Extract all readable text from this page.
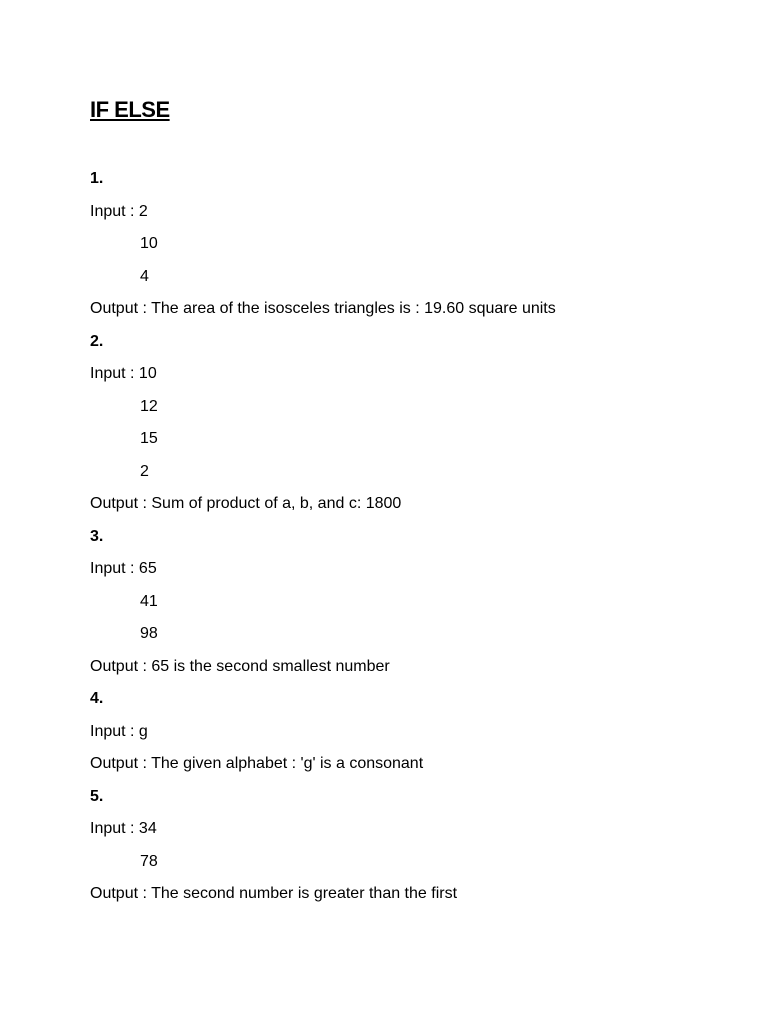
IF ELSE
1.
Input : 2
10
4
Output : The area of the isosceles triangles is : 19.60 square units
2.
Input : 10
12
15
2
Output : Sum of product of a, b, and c: 1800
3.
Input : 65
41
98
Output : 65 is the second smallest number
4.
Input : g
Output : The given alphabet : 'g' is a consonant
5.
Input : 34
78
Output : The second number is greater than the first
